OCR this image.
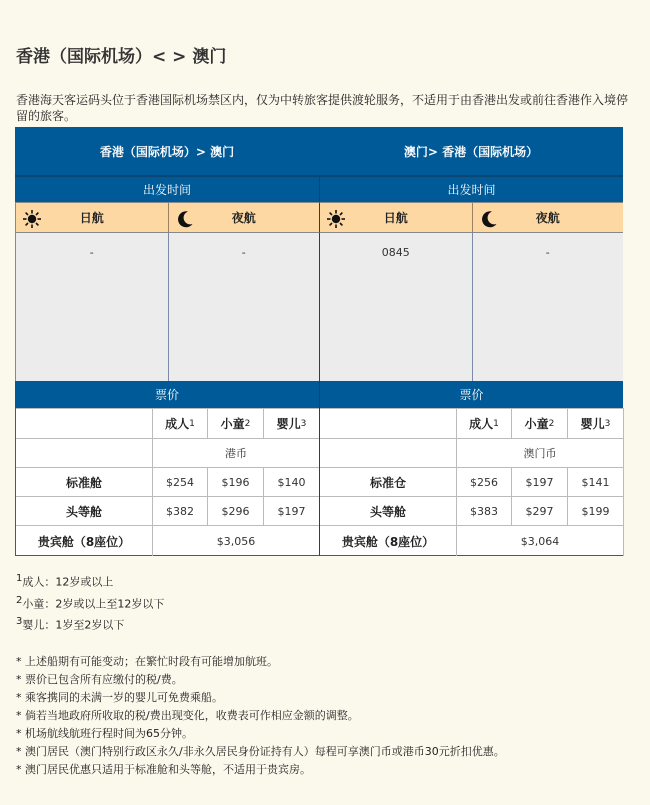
香港（国际机场）< > 澳门
香港海天客运码头位于香港国际机场禁区内，仅为中转旅客提供渡轮服务，不适用于由香港出发或前往香港作入境停留的旅客。
香港（国际机场）> 澳门	澳门> 香港（国际机场）
出发时间	出发时间
日航	夜航	日航	夜航
-	-	0845	-
票价	票价
成人 1 小童 2 婴儿 3
港币
标准舱	$254	$196	$140
头等舱	$382	$296	$197
贵宾舱（8座位）	$3,056
成人 1 小童 2 婴儿 3
澳门币
标准仓	$256	$197	$141
头等舱	$383	$297	$199
贵宾舱（8座位）	$3,064
$^1$成人：12岁或以上
$^2$小童：2岁或以上至12岁以下
$^3$婴儿：1岁至2岁以下
* 上述船期有可能变动；在繁忙时段有可能增加航班。
* 票价已包含所有应缴付的税/费。
* 乘客携同的未满一岁的婴儿可免费乘船。
* 倘若当地政府所收取的税/费出现变化，收费表可作相应金额的调整。
* 机场航线航班行程时间为65分钟。
* 澳门居民（澳门特别行政区永久/非永久居民身份证持有人）每程可享澳门币或港币30元折扣优惠。
* 澳门居民优惠只适用于标准舱和头等舱，不适用于贵宾房。
